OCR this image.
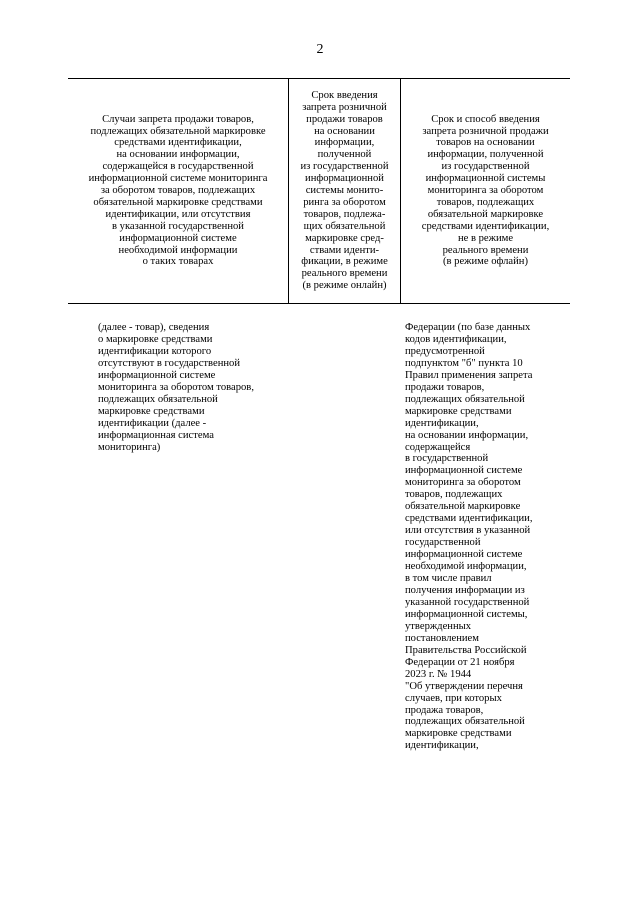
2
Случаи запрета продажи товаров,
подлежащих обязательной маркировке
средствами идентификации,
на основании информации,
содержащейся в государственной
информационной системе мониторинга
за оборотом товаров, подлежащих
обязательной маркировке средствами
идентификации, или отсутствия
в указанной государственной
информационной системе
необходимой информации
о таких товарах
Срок введения
запрета розничной
продажи товаров
на основании
информации,
полученной
из государственной
информационной
системы монито-
ринга за оборотом
товаров, подлежа-
щих обязательной
маркировке сред-
ствами иденти-
фикации, в режиме
реального времени
(в режиме онлайн)
Срок и способ введения
запрета розничной продажи
товаров на основании
информации, полученной
из государственной
информационной системы
мониторинга за оборотом
товаров, подлежащих
обязательной маркировке
средствами идентификации,
не в режиме
реального времени
(в режиме офлайн)
(далее - товар), сведения
о маркировке средствами
идентификации которого
отсутствуют в государственной
информационной системе
мониторинга за оборотом товаров,
подлежащих обязательной
маркировке средствами
идентификации (далее -
информационная система
мониторинга)
Федерации (по базе данных
кодов идентификации,
предусмотренной
подпунктом "б" пункта 10
Правил применения запрета
продажи товаров,
подлежащих обязательной
маркировке средствами
идентификации,
на основании информации,
содержащейся
в государственной
информационной системе
мониторинга за оборотом
товаров, подлежащих
обязательной маркировке
средствами идентификации,
или отсутствия в указанной
государственной
информационной системе
необходимой информации,
в том числе правил
получения информации из
указанной государственной
информационной системы,
утвержденных
постановлением
Правительства Российской
Федерации от 21 ноября
2023 г. № 1944
"Об утверждении перечня
случаев, при которых
продажа товаров,
подлежащих обязательной
маркировке средствами
идентификации,
